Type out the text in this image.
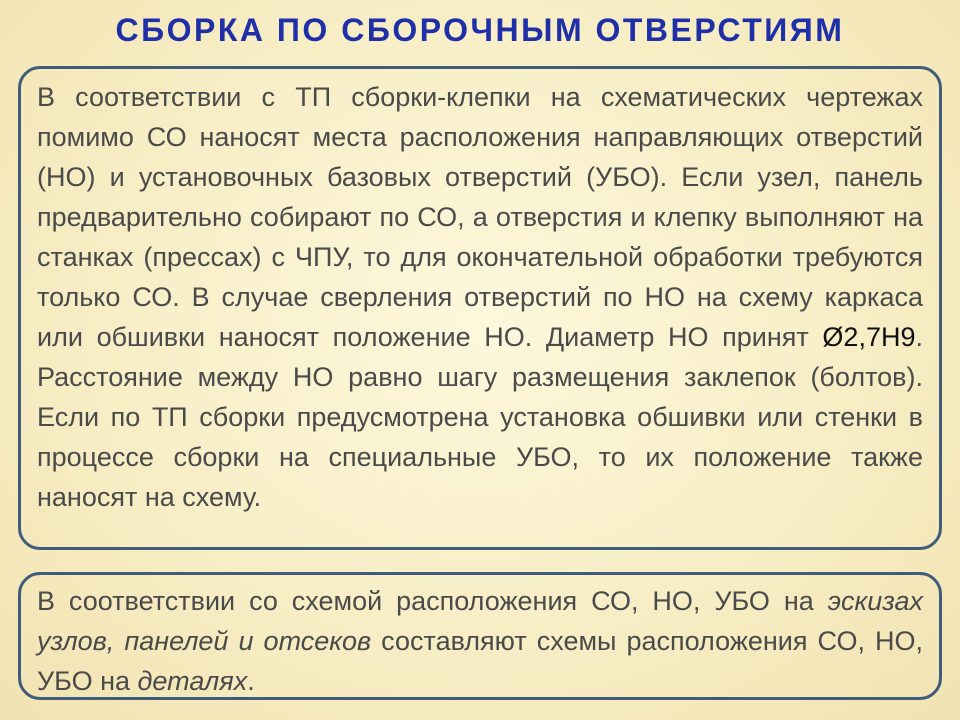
СБОРКА ПО СБОРОЧНЫМ ОТВЕРСТИЯМ

В соответствии с ТП сборки-клепки на схематических чертежах помимо СО наносят места расположения направляющих отверстий (НО) и установочных базовых отверстий (УБО). Если узел, панель предварительно собирают по СО, а отверстия и клепку выполняют на станках (прессах) с ЧПУ, то для окончательной обработки требуются только СО. В случае сверления отверстий по НО на схему каркаса или обшивки наносят положение НО. Диаметр НО принят Ø2,7Н9. Расстояние между НО равно шагу размещения заклепок (болтов). Если по ТП сборки предусмотрена установка обшивки или стенки в процессе сборки на специальные УБО, то их положение также наносят на схему.

В соответствии со схемой расположения СО, НО, УБО на эскизах узлов, панелей и отсеков составляют схемы расположения СО, НО, УБО на деталях.
